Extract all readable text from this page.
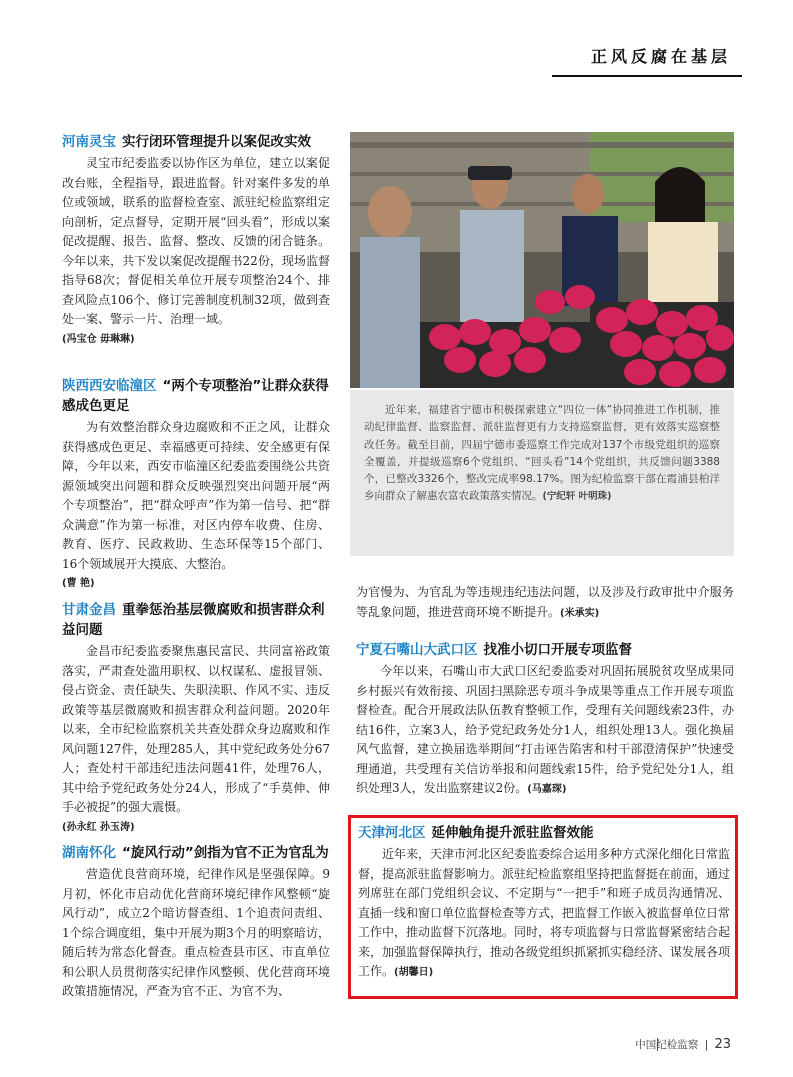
正风反腐在基层
河南灵宝 实行闭环管理提升以案促改实效

灵宝市纪委监委以协作区为单位，建立以案促改台账，全程指导，跟进监督。针对案件多发的单位或领域，联系的监督检查室、派驻纪检监察组定向剖析，定点督导，定期开展“回头看”，形成以案促改提醒、报告、监督、整改、反馈的闭合链条。今年以来，共下发以案促改提醒书22份，现场监督指导68次；督促相关单位开展专项整治24个、排查风险点106个、修订完善制度机制32项，做到查处一案、警示一片、治理一域。

(冯宝仓 毋琳琳)

陕西西安临潼区 “两个专项整治”让群众获得感成色更足

为有效整治群众身边腐败和不正之风，让群众获得感成色更足、幸福感更可持续、安全感更有保障，今年以来，西安市临潼区纪委监委围绕公共资源领域突出问题和群众反映强烈突出问题开展“两个专项整治”，把“群众呼声”作为第一信号、把“群众满意”作为第一标准，对区内停车收费、住房、教育、医疗、民政救助、生态环保等15个部门、16个领域展开大摸底、大整治。

(曹 艳)

甘肃金昌 重拳惩治基层微腐败和损害群众利益问题

金昌市纪委监委聚焦惠民富民、共同富裕政策落实，严肃查处滥用职权、以权谋私、虚报冒领、侵占资金、责任缺失、失职渎职、作风不实、违反政策等基层微腐败和损害群众利益问题。2020年以来，全市纪检监察机关共查处群众身边腐败和作风问题127件，处理285人，其中党纪政务处分67人；查处村干部违纪违法问题41件，处理76人，其中给予党纪政务处分24人，形成了“手莫伸、伸手必被捉”的强大震慑。

(孙永红 孙玉涛)

湖南怀化 “旋风行动”剑指为官不正为官乱为

营造优良营商环境，纪律作风是坚强保障。9月初，怀化市启动优化营商环境纪律作风整顿“旋风行动”，成立2个暗访督查组、1个追责问责组、1个综合调度组，集中开展为期3个月的明察暗访，随后转为常态化督查。重点检查县市区、市直单位和公职人员贯彻落实纪律作风整顿、优化营商环境政策措施情况，严查为官不正、为官不为、

近年来，福建省宁德市积极探索建立“四位一体”协同推进工作机制，推动纪律监督、监察监督、派驻监督更有力支持巡察监督，更有效落实巡察整改任务。截至目前，四届宁德市委巡察工作完成对137个市级党组织的巡察全覆盖，并提级巡察6个党组织、“回头看”14个党组织，共反馈问题3388个，已整改3326个，整改完成率98.17%。图为纪检监察干部在霞浦县柏洋乡向群众了解惠农富农政策落实情况。(宁纪轩 叶明珠)

为官慢为、为官乱为等违规违纪违法问题，以及涉及行政审批中介服务等乱象问题，推进营商环境不断提升。(米承实)

宁夏石嘴山大武口区 找准小切口开展专项监督

今年以来，石嘴山市大武口区纪委监委对巩固拓展脱贫攻坚成果同乡村振兴有效衔接、巩固扫黑除恶专项斗争成果等重点工作开展专项监督检查。配合开展政法队伍教育整顿工作，受理有关问题线索23件，办结16件，立案3人，给予党纪政务处分1人，组织处理13人。强化换届风气监督，建立换届选举期间“打击诬告陷害和村干部澄清保护”快速受理通道，共受理有关信访举报和问题线索15件，给予党纪处分1人，组织处理3人，发出监察建议2份。(马嘉琛)

天津河北区 延伸触角提升派驻监督效能

近年来，天津市河北区纪委监委综合运用多种方式深化细化日常监督，提高派驻监督影响力。派驻纪检监察组坚持把监督挺在前面，通过列席驻在部门党组织会议、不定期与“一把手”和班子成员沟通情况、直插一线和窗口单位监督检查等方式，把监督工作嵌入被监督单位日常工作中，推动监督下沉落地。同时，将专项监督与日常监督紧密结合起来，加强监督保障执行，推动各级党组织抓紧抓实稳经济、谋发展各项工作。(胡馨日)

中国纪检监察 | 23
